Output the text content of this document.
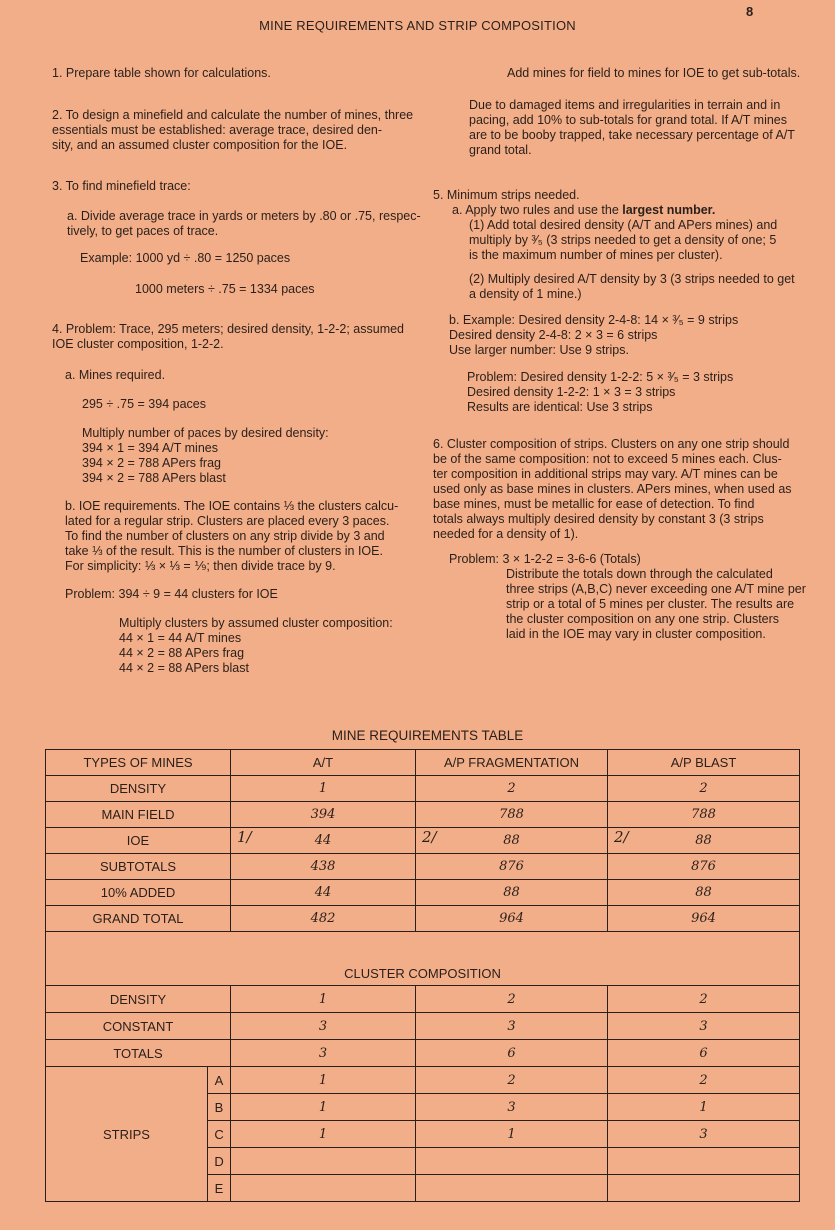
MINE REQUIREMENTS AND STRIP COMPOSITION
8

1. Prepare table shown for calculations.

2. To design a minefield and calculate the number of mines, three
essentials must be established: average trace, desired den-
sity, and an assumed cluster composition for the IOE.

3. To find minefield trace:

a. Divide average trace in yards or meters by .80 or .75, respec-
tively, to get paces of trace.

Example: 1000 yd ÷ .80 = 1250 paces

1000 meters ÷ .75 = 1334 paces

4. Problem: Trace, 295 meters; desired density, 1-2-2; assumed
IOE cluster composition, 1-2-2.

a. Mines required.

295 ÷ .75 = 394 paces

Multiply number of paces by desired density:
394 × 1 = 394 A/T mines
394 × 2 = 788 APers frag
394 × 2 = 788 APers blast

b. IOE requirements. The IOE contains ⅓ the clusters calcu-
lated for a regular strip. Clusters are placed every 3 paces.
To find the number of clusters on any strip divide by 3 and
take ⅓ of the result. This is the number of clusters in IOE.
For simplicity: ⅓ × ⅓ = ⅑; then divide trace by 9.

Problem: 394 ÷ 9 = 44 clusters for IOE

Multiply clusters by assumed cluster composition:
44 × 1 = 44 A/T mines
44 × 2 = 88 APers frag
44 × 2 = 88 APers blast

Add mines for field to mines for IOE to get sub-totals.

Due to damaged items and irregularities in terrain and in
pacing, add 10% to sub-totals for grand total. If A/T mines
are to be booby trapped, take necessary percentage of A/T
grand total.

5. Minimum strips needed.

a. Apply two rules and use the largest number.

(1) Add total desired density (A/T and APers mines) and
multiply by ³⁄₅ (3 strips needed to get a density of one; 5
is the maximum number of mines per cluster).

(2) Multiply desired A/T density by 3 (3 strips needed to get
a density of 1 mine.)

b. Example: Desired density 2-4-8: 14 × ³⁄₅ = 9 strips
Desired density 2-4-8: 2 × 3 = 6 strips
Use larger number: Use 9 strips.

Problem: Desired density 1-2-2: 5 × ³⁄₅ = 3 strips
Desired density 1-2-2: 1 × 3 = 3 strips
Results are identical: Use 3 strips

6. Cluster composition of strips. Clusters on any one strip should
be of the same composition: not to exceed 5 mines each. Clus-
ter composition in additional strips may vary. A/T mines can be
used only as base mines in clusters. APers mines, when used as
base mines, must be metallic for ease of detection. To find
totals always multiply desired density by constant 3 (3 strips
needed for a density of 1).

Problem: 3 × 1-2-2 = 3-6-6 (Totals)

Distribute the totals down through the calculated
three strips (A,B,C) never exceeding one A/T mine per
strip or a total of 5 mines per cluster. The results are
the cluster composition on any one strip. Clusters
laid in the IOE may vary in cluster composition.

MINE REQUIREMENTS TABLE
TYPES OF MINES		A/T	A/P FRAGMENTATION	A/P BLAST
DENSITY		1	2	2
MAIN FIELD		394	788	788
IOE		1/ 44	2/ 88	2/ 88
SUBTOTALS		438	876	876
10% ADDED		44	88	88
GRAND TOTAL		482	964	964
CLUSTER COMPOSITION				
DENSITY		1	2	2
CONSTANT		3	3	3
TOTALS		3	6	6
STRIPS	A	1	2	2
	B	1	3	1
	C	1	1	3
	D			
	E			
